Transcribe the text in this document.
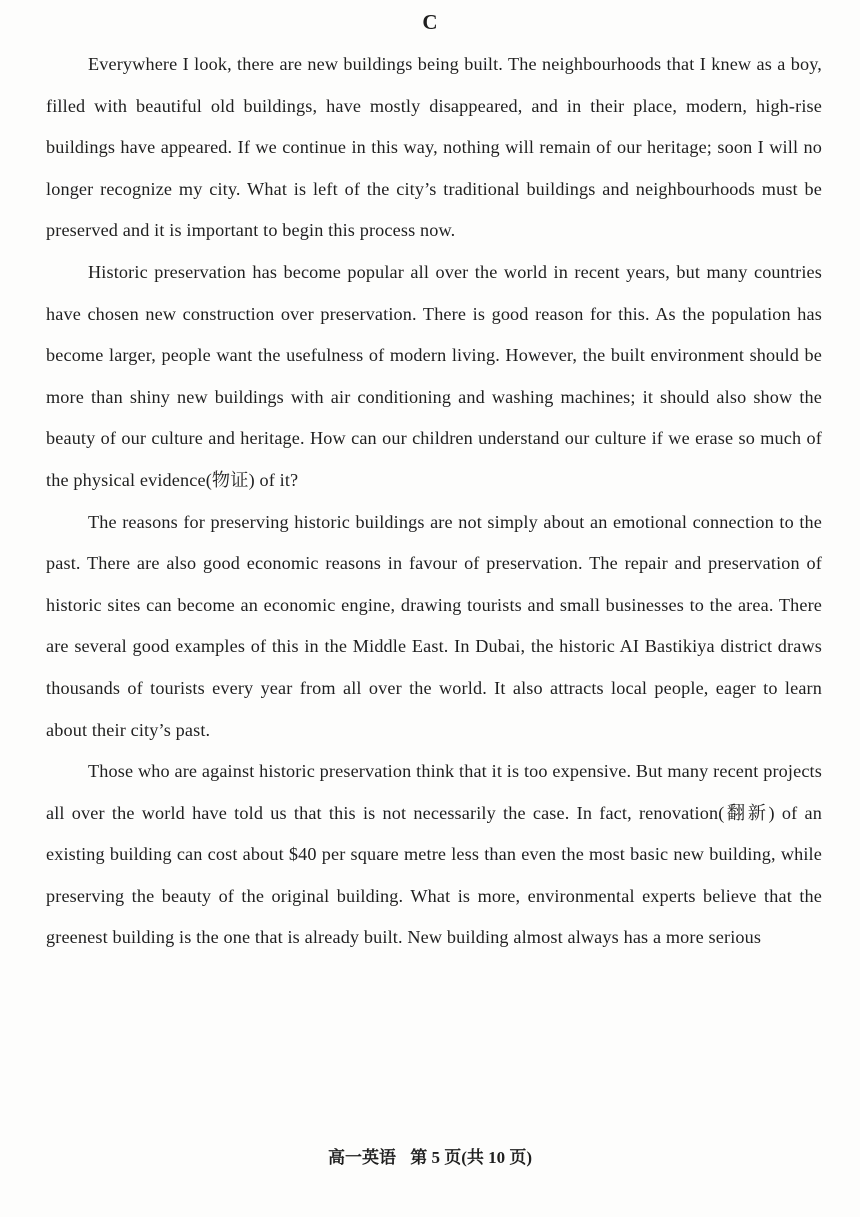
C

Everywhere I look, there are new buildings being built. The neighbourhoods that I knew as a boy, filled with beautiful old buildings, have mostly disappeared, and in their place, modern, high-rise buildings have appeared. If we continue in this way, nothing will remain of our heritage; soon I will no longer recognize my city. What is left of the city’s traditional buildings and neighbourhoods must be preserved and it is important to begin this process now.

Historic preservation has become popular all over the world in recent years, but many countries have chosen new construction over preservation. There is good reason for this. As the population has become larger, people want the usefulness of modern living. However, the built environment should be more than shiny new buildings with air conditioning and washing machines; it should also show the beauty of our culture and heritage. How can our children understand our culture if we erase so much of the physical evidence(物证) of it?

The reasons for preserving historic buildings are not simply about an emotional connection to the past. There are also good economic reasons in favour of preservation. The repair and preservation of historic sites can become an economic engine, drawing tourists and small businesses to the area. There are several good examples of this in the Middle East. In Dubai, the historic AI Bastikiya district draws thousands of tourists every year from all over the world. It also attracts local people, eager to learn about their city’s past.

Those who are against historic preservation think that it is too expensive. But many recent projects all over the world have told us that this is not necessarily the case. In fact, renovation(翻新) of an existing building can cost about $40 per square metre less than even the most basic new building, while preserving the beauty of the original building. What is more, environmental experts believe that the greenest building is the one that is already built. New building almost always has a more serious

高一英语 第 5 页(共 10 页)
